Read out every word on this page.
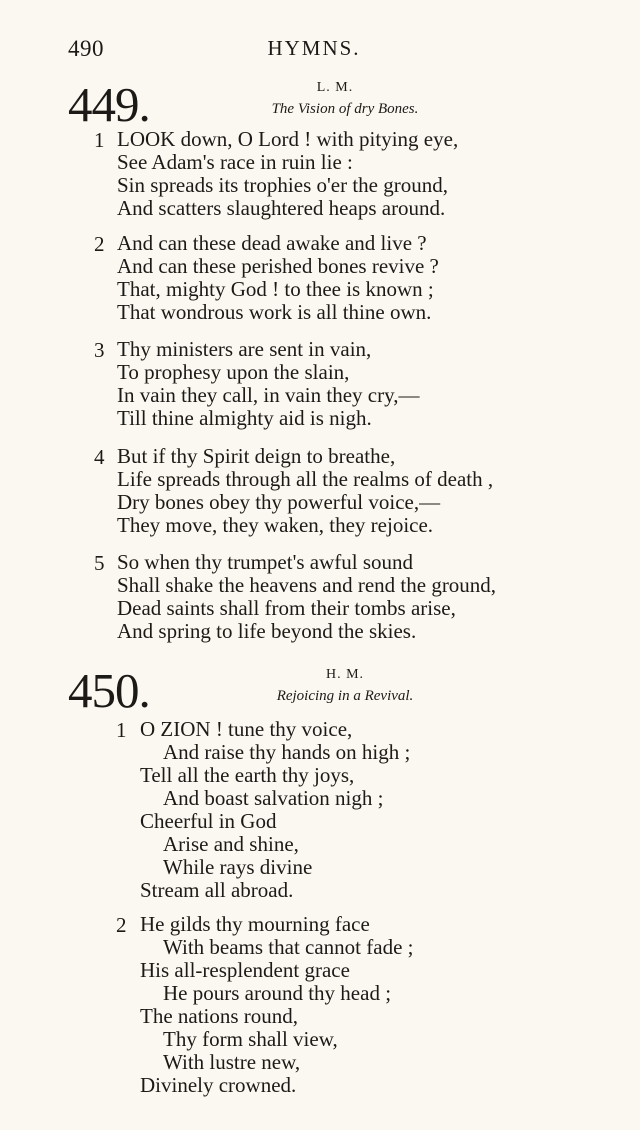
490	HYMNS.
449.	L. M.
The Vision of dry Bones.
1 LOOK down, O Lord ! with pitying eye,
See Adam's race in ruin lie :
Sin spreads its trophies o'er the ground,
And scatters slaughtered heaps around.
2 And can these dead awake and live ?
And can these perished bones revive ?
That, mighty God ! to thee is known ;
That wondrous work is all thine own.
3 Thy ministers are sent in vain,
To prophesy upon the slain,
In vain they call, in vain they cry,—
Till thine almighty aid is nigh.
4 But if thy Spirit deign to breathe,
Life spreads through all the realms of death ,
Dry bones obey thy powerful voice,—
They move, they waken, they rejoice.
5 So when thy trumpet's awful sound
Shall shake the heavens and rend the ground,
Dead saints shall from their tombs arise,
And spring to life beyond the skies.
450.	H. M.
Rejoicing in a Revival.
1 O ZION ! tune thy voice,
And raise thy hands on high ;
Tell all the earth thy joys,
And boast salvation nigh ;
Cheerful in God
Arise and shine,
While rays divine
Stream all abroad.
2 He gilds thy mourning face
With beams that cannot fade ;
His all-resplendent grace
He pours around thy head ;
The nations round,
Thy form shall view,
With lustre new,
Divinely crowned.
